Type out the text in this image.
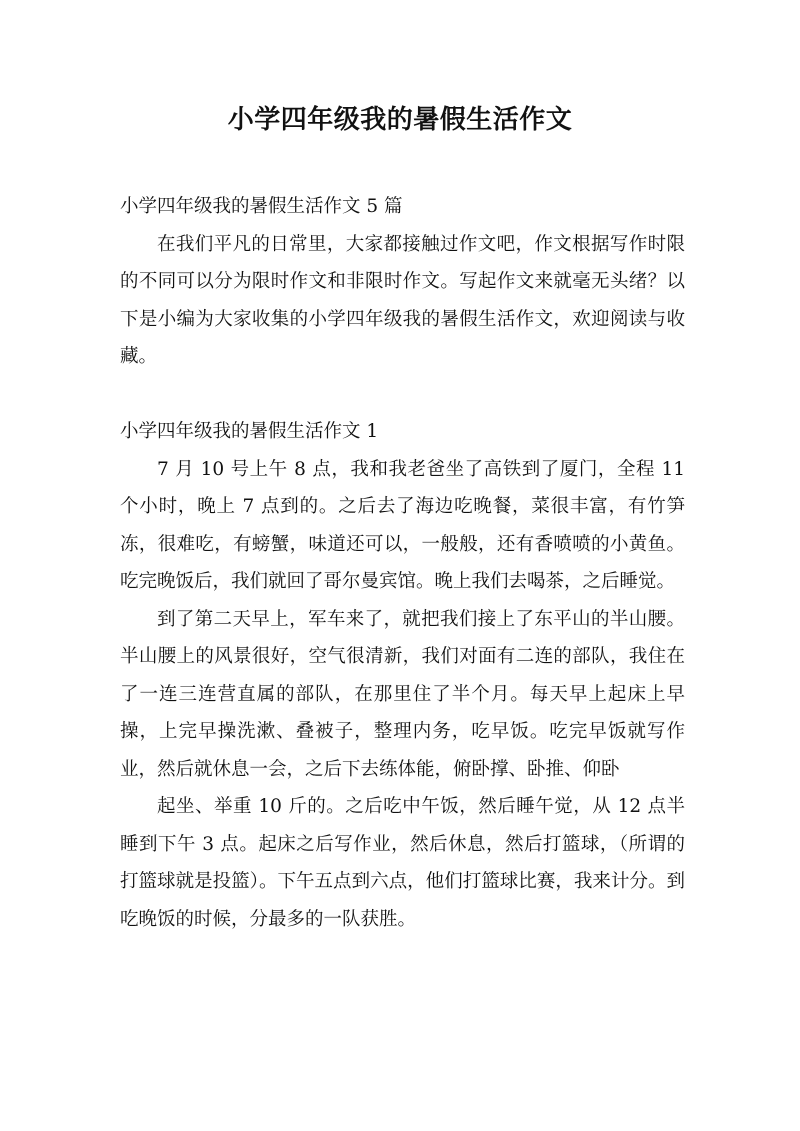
小学四年级我的暑假生活作文

小学四年级我的暑假生活作文 5 篇

在我们平凡的日常里，大家都接触过作文吧，作文根据写作时限的不同可以分为限时作文和非限时作文。写起作文来就毫无头绪？以下是小编为大家收集的小学四年级我的暑假生活作文，欢迎阅读与收藏。

小学四年级我的暑假生活作文 1

7 月 10 号上午 8 点，我和我老爸坐了高铁到了厦门，全程 11 个小时，晚上 7 点到的。之后去了海边吃晚餐，菜很丰富，有竹笋冻，很难吃，有螃蟹，味道还可以，一般般，还有香喷喷的小黄鱼。吃完晚饭后，我们就回了哥尔曼宾馆。晚上我们去喝茶，之后睡觉。

到了第二天早上，军车来了，就把我们接上了东平山的半山腰。半山腰上的风景很好，空气很清新，我们对面有二连的部队，我住在了一连三连营直属的部队，在那里住了半个月。每天早上起床上早操，上完早操洗漱、叠被子，整理内务，吃早饭。吃完早饭就写作业，然后就休息一会，之后下去练体能，俯卧撑、卧推、仰卧

起坐、举重 10 斤的。之后吃中午饭，然后睡午觉，从 12 点半睡到下午 3 点。起床之后写作业，然后休息，然后打篮球，（所谓的打篮球就是投篮）。下午五点到六点，他们打篮球比赛，我来计分。到吃晚饭的时候，分最多的一队获胜。
